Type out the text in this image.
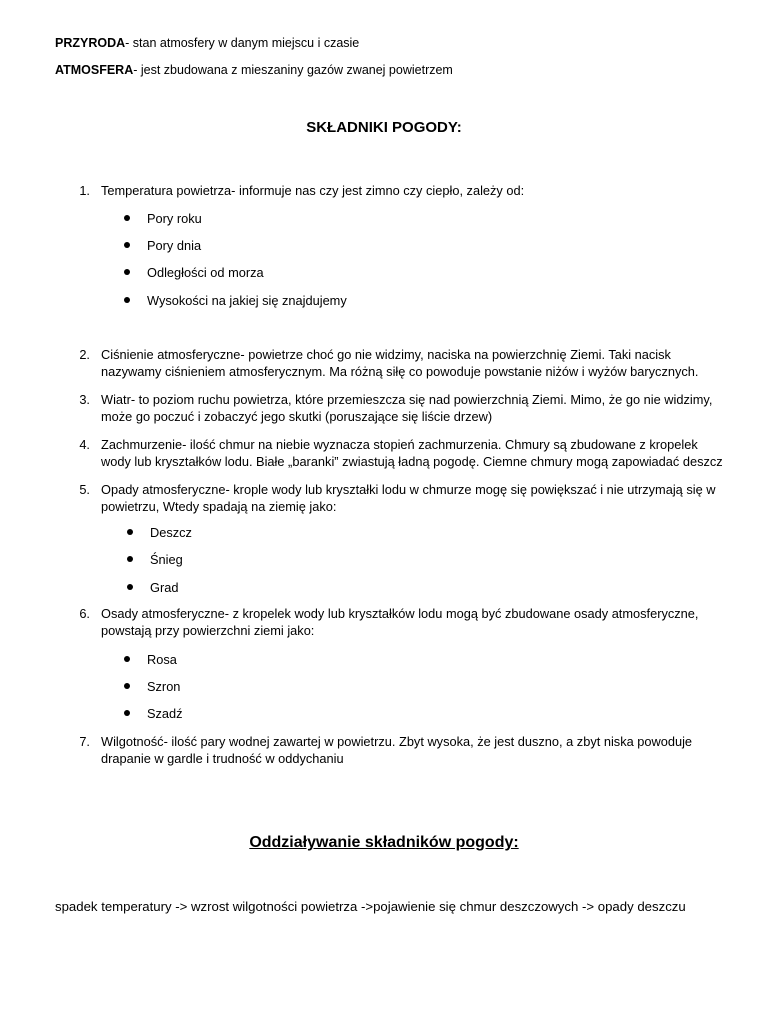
PRZYRODA- stan atmosfery w danym miejscu i czasie
ATMOSFERA- jest zbudowana z mieszaniny gazów zwanej powietrzem
SKŁADNIKI POGODY:
1. Temperatura powietrza- informuje nas czy jest zimno czy ciepło, zależy od:
Pory roku
Pory dnia
Odległości od morza
Wysokości na jakiej się znajdujemy
2. Ciśnienie atmosferyczne- powietrze choć go nie widzimy, naciska na powierzchnię Ziemi. Taki nacisk
nazywamy ciśnieniem atmosferycznym. Ma różną siłę co powoduje powstanie niżów i wyżów barycznych.
3. Wiatr- to poziom ruchu powietrza, które przemieszcza się nad powierzchnią Ziemi. Mimo, że go nie widzimy,
może go poczuć i zobaczyć jego skutki (poruszające się liście drzew)
4. Zachmurzenie- ilość chmur na niebie wyznacza stopień zachmurzenia. Chmury są zbudowane z kropelek
wody lub kryształków lodu. Białe „baranki” zwiastują ładną pogodę. Ciemne chmury mogą zapowiadać deszcz
5. Opady atmosferyczne- krople wody lub kryształki lodu w chmurze mogę się powiększać i nie utrzymają się w
powietrzu, Wtedy spadają na ziemię jako:
Deszcz
Śnieg
Grad
6. Osady atmosferyczne- z kropelek wody lub kryształków lodu mogą być zbudowane osady atmosferyczne,
powstają przy powierzchni ziemi jako:
Rosa
Szron
Szadź
7. Wilgotność- ilość pary wodnej zawartej w powietrzu. Zbyt wysoka, że jest duszno, a zbyt niska powoduje
drapanie w gardle i trudność w oddychaniu
Oddziaływanie składników pogody:
spadek temperatury -> wzrost wilgotności powietrza ->pojawienie się chmur deszczowych -> opady deszczu
